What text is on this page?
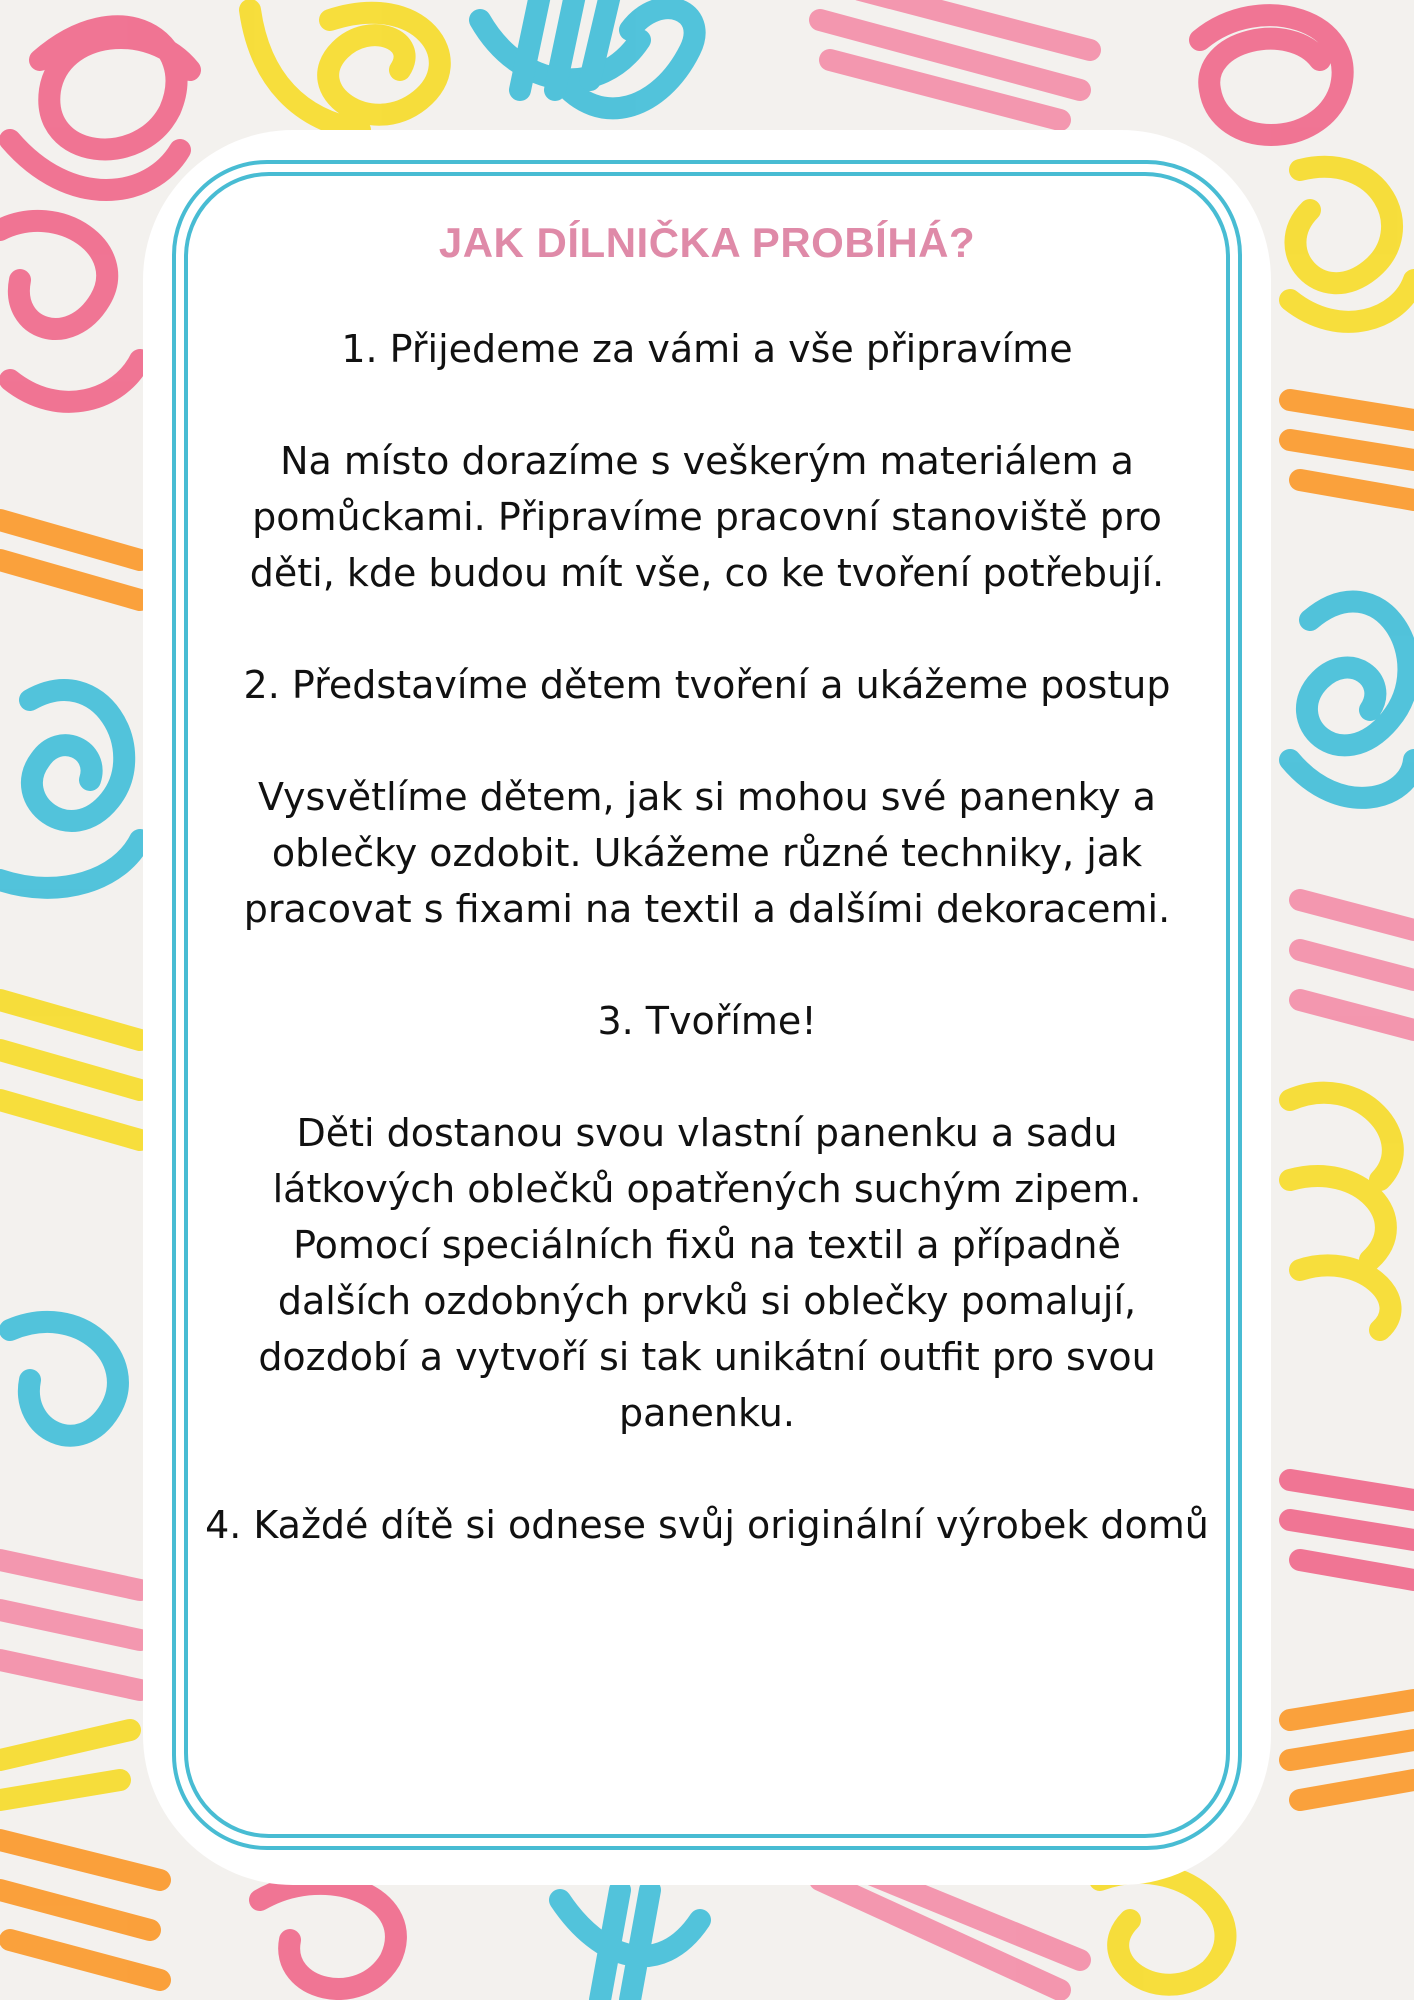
JAK DÍLNIČKA PROBÍHÁ?

1. Přijedeme za vámi a vše připravíme

Na místo dorazíme s veškerým materiálem a pomůckami. Připravíme pracovní stanoviště pro děti, kde budou mít vše, co ke tvoření potřebují.

2. Představíme dětem tvoření a ukážeme postup

Vysvětlíme dětem, jak si mohou své panenky a oblečky ozdobit. Ukážeme různé techniky, jak pracovat s fixami na textil a dalšími dekoracemi.

3. Tvoříme!

Děti dostanou svou vlastní panenku a sadu látkových oblečků opatřených suchým zipem. Pomocí speciálních fixů na textil a případně dalších ozdobných prvků si oblečky pomalují, dozdobí a vytvoří si tak unikátní outfit pro svou panenku.

4. Každé dítě si odnese svůj originální výrobek domů
